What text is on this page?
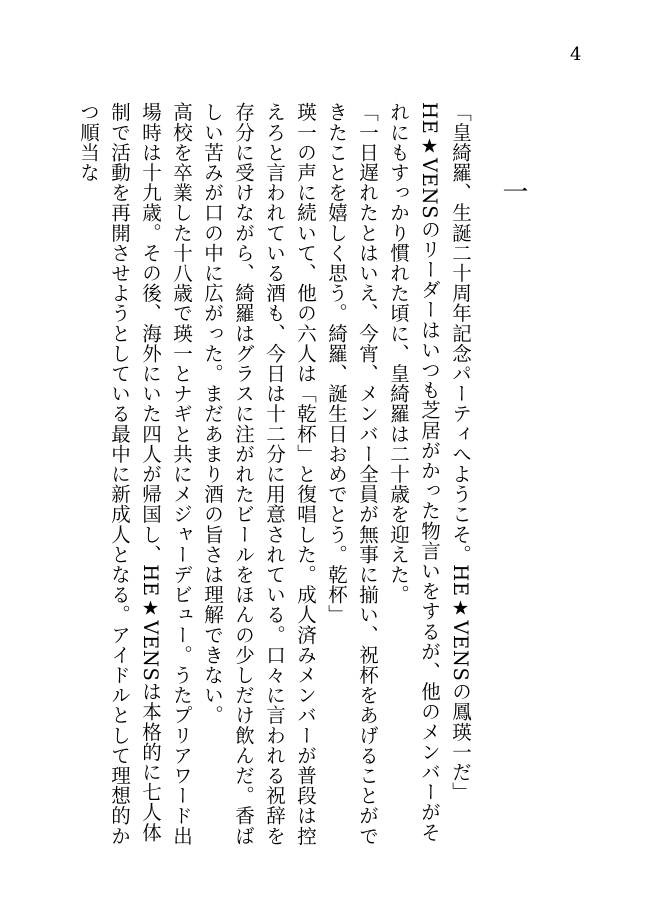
4
一

「皇綺羅、生誕二十周年記念パーティへようこそ。HE★VENSの鳳瑛一だ」

HE★VENSのリーダーはいつも芝居がかった物言いをするが、他のメンバーがそれにもすっかり慣れた頃に、皇綺羅は二十歳を迎えた。

「一日遅れたとはいえ、今宵、メンバー全員が無事に揃い、祝杯をあげることができたことを嬉しく思う。綺羅、誕生日おめでとう。乾杯」

瑛一の声に続いて、他の六人は「乾杯」と復唱した。成人済みメンバーが普段は控えろと言われている酒も、今日は十二分に用意されている。口々に言われる祝辞を存分に受けながら、綺羅はグラスに注がれたビールをほんの少しだけ飲んだ。香ばしい苦みが口の中に広がった。まだあまり酒の旨さは理解できない。

高校を卒業した十八歳で瑛一とナギと共にメジャーデビュー。うたプリアワード出場時は十九歳。その後、海外にいた四人が帰国し、HE★VENSは本格的に七人体制で活動を再開させようとしている最中に新成人となる。アイドルとして理想的かつ順当な
